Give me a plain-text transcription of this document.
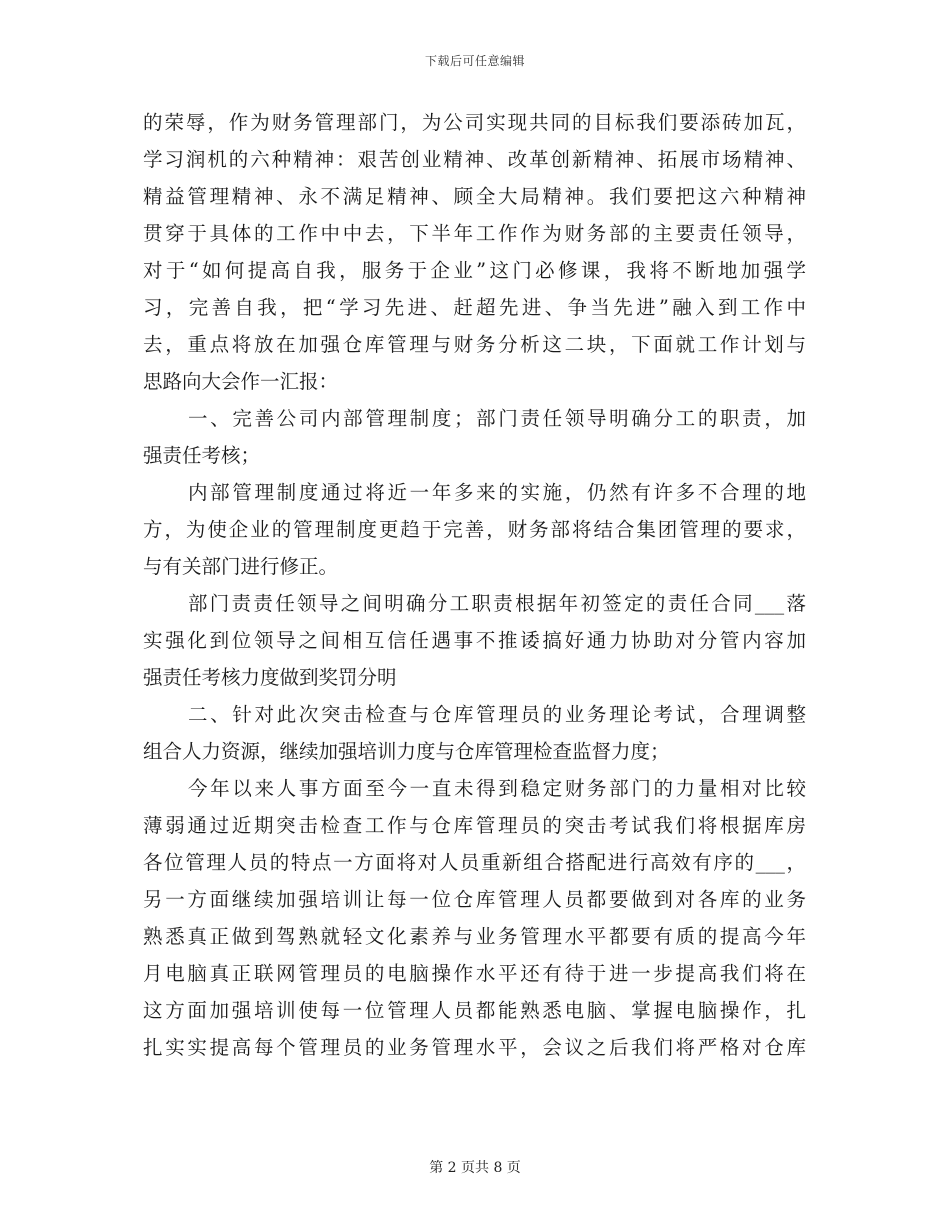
下载后可任意编辑
的荣辱，作为财务管理部门，为公司实现共同的目标我们要添砖加瓦，
学习润机的六种精神：艰苦创业精神、改革创新精神、拓展市场精神、
精益管理精神、永不满足精神、顾全大局精神。我们要把这六种精神
贯穿于具体的工作中中去，下半年工作作为财务部的主要责任领导，
对于“如何提高自我，服务于企业”这门必修课，我将不断地加强学
习，完善自我，把“学习先进、赶超先进、争当先进”融入到工作中
去，重点将放在加强仓库管理与财务分析这二块，下面就工作计划与
思路向大会作一汇报：
一、完善公司内部管理制度；部门责任领导明确分工的职责，加
强责任考核；
内部管理制度通过将近一年多来的实施，仍然有许多不合理的地
方，为使企业的管理制度更趋于完善，财务部将结合集团管理的要求，
与有关部门进行修正。
部门责责任领导之间明确分工职责根据年初签定的责任合同___落
实强化到位领导之间相互信任遇事不推诿搞好通力协助对分管内容加
强责任考核力度做到奖罚分明
二、针对此次突击检查与仓库管理员的业务理论考试，合理调整
组合人力资源，继续加强培训力度与仓库管理检查监督力度；
今年以来人事方面至今一直未得到稳定财务部门的力量相对比较
薄弱通过近期突击检查工作与仓库管理员的突击考试我们将根据库房
各位管理人员的特点一方面将对人员重新组合搭配进行高效有序的___，
另一方面继续加强培训让每一位仓库管理人员都要做到对各库的业务
熟悉真正做到驾熟就轻文化素养与业务管理水平都要有质的提高今年
月电脑真正联网管理员的电脑操作水平还有待于进一步提高我们将在
这方面加强培训使每一位管理人员都能熟悉电脑、掌握电脑操作，扎
扎实实提高每个管理员的业务管理水平，会议之后我们将严格对仓库
第 2 页共 8 页
